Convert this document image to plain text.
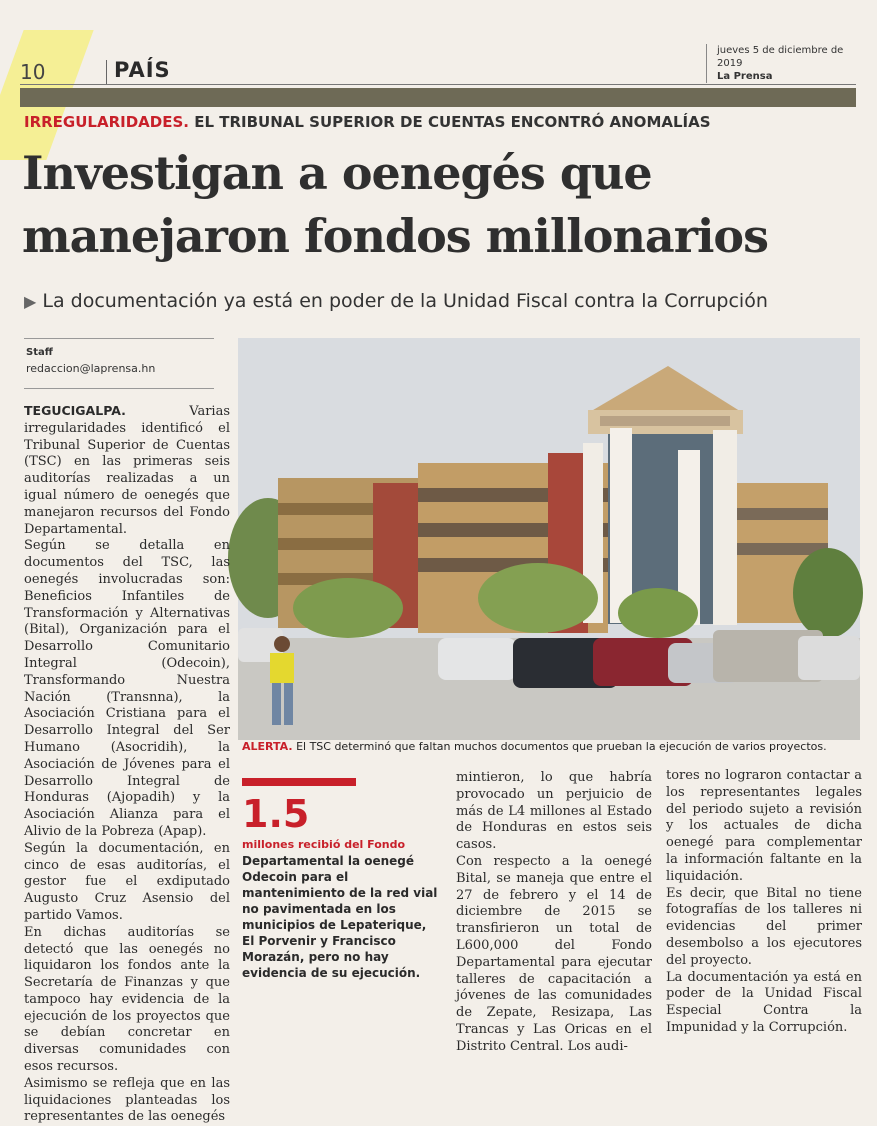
10	PAÍS
jueves 5 de diciembre de 2019
La Prensa
IRREGULARIDADES. EL TRIBUNAL SUPERIOR DE CUENTAS ENCONTRÓ ANOMALÍAS
Investigan a oenegés que
manejaron fondos millonarios
▶ La documentación ya está en poder de la Unidad Fiscal contra la Corrupción
Staff
redaccion@laprensa.hn
ALERTA. El TSC determinó que faltan muchos documentos que prueban la ejecución de varios proyectos.

TEGUCIGALPA.	Varias irregularidades identificó el Tribunal Superior de Cuentas (TSC) en las primeras seis auditorías realizadas a un igual número de oenegés que manejaron recursos del Fondo Departamental.

Según se detalla en documentos del TSC, las oenegés involucradas son: Beneficios Infantiles de Transformación y Alternativas (Bital), Organización para el Desarrollo Comunitario Integral (Odecoin), Transformando Nuestra Nación (Transnna), la Asociación Cristiana para el Desarrollo Integral del Ser Humano (Asocridih), la Asociación de Jóvenes para el Desarrollo Integral de Honduras (Ajopadih) y la Asociación Alianza para el Alivio de la Pobreza (Apap).

Según la documentación, en cinco de esas auditorías, el gestor fue el exdiputado Augusto Cruz Asensio del partido Vamos.

En dichas auditorías se detectó que las oenegés no liquidaron los fondos ante la Secretaría de Finanzas y que tampoco hay evidencia de la ejecución de los proyectos que se debían concretar en diversas comunidades con esos recursos.

Asimismo se refleja que en las liquidaciones planteadas los representantes de las oenegés

1.5
millones recibió del Fondo
Departamental la oenegé Odecoin para el mantenimiento de la red vial no pavimentada en los municipios de Lepaterique, El Porvenir y Francisco Morazán, pero no hay evidencia de su ejecución.

mintieron, lo que habría provocado un perjuicio de más de L4 millones al Estado de Honduras en estos seis casos.

Con respecto a la oenegé Bital, se maneja que entre el 27 de febrero y el 14 de diciembre de 2015 se transfirieron un total de L600,000 del Fondo Departamental para ejecutar talleres de capacitación a jóvenes de las comunidades de Zepate, Resizapa, Las Trancas y Las Oricas en el Distrito Central. Los audi-

tores no lograron contactar a los representantes legales del periodo sujeto a revisión y los actuales de dicha oenegé para complementar la información faltante en la liquidación.

Es decir, que Bital no tiene fotografías de los talleres ni evidencias del primer desembolso a los ejecutores del proyecto.

La documentación ya está en poder de la Unidad Fiscal Especial Contra la Impunidad y la Corrupción.
